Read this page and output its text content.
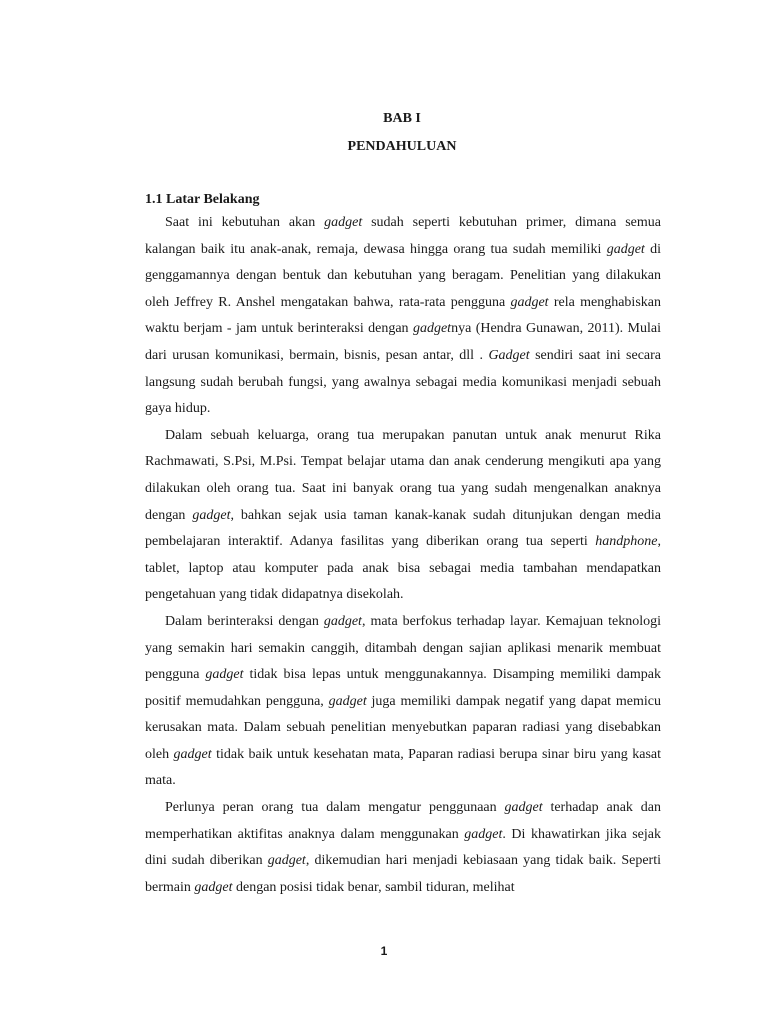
BAB I
PENDAHULUAN
1.1 Latar Belakang

Saat ini kebutuhan akan gadget sudah seperti kebutuhan primer, dimana semua kalangan baik itu anak-anak, remaja, dewasa hingga orang tua sudah memiliki gadget di genggamannya dengan bentuk dan kebutuhan yang beragam. Penelitian yang dilakukan oleh Jeffrey R. Anshel mengatakan bahwa, rata-rata pengguna gadget rela menghabiskan waktu berjam - jam untuk berinteraksi dengan gadgetnya (Hendra Gunawan, 2011). Mulai dari urusan komunikasi, bermain, bisnis, pesan antar, dll . Gadget sendiri saat ini secara langsung sudah berubah fungsi, yang awalnya sebagai media komunikasi menjadi sebuah gaya hidup.

Dalam sebuah keluarga, orang tua merupakan panutan untuk anak menurut Rika Rachmawati, S.Psi, M.Psi. Tempat belajar utama dan anak cenderung mengikuti apa yang dilakukan oleh orang tua. Saat ini banyak orang tua yang sudah mengenalkan anaknya dengan gadget, bahkan sejak usia taman kanak-kanak sudah ditunjukan dengan media pembelajaran interaktif. Adanya fasilitas yang diberikan orang tua seperti handphone, tablet, laptop atau komputer pada anak bisa sebagai media tambahan mendapatkan pengetahuan yang tidak didapatnya disekolah.

Dalam berinteraksi dengan gadget, mata berfokus terhadap layar. Kemajuan teknologi yang semakin hari semakin canggih, ditambah dengan sajian aplikasi menarik membuat pengguna gadget tidak bisa lepas untuk menggunakannya. Disamping memiliki dampak positif memudahkan pengguna, gadget juga memiliki dampak negatif yang dapat memicu kerusakan mata. Dalam sebuah penelitian menyebutkan paparan radiasi yang disebabkan oleh gadget tidak baik untuk kesehatan mata, Paparan radiasi berupa sinar biru yang kasat mata.

Perlunya peran orang tua dalam mengatur penggunaan gadget terhadap anak dan memperhatikan aktifitas anaknya dalam menggunakan gadget. Di khawatirkan jika sejak dini sudah diberikan gadget, dikemudian hari menjadi kebiasaan yang tidak baik. Seperti bermain gadget dengan posisi tidak benar, sambil tiduran, melihat

1
